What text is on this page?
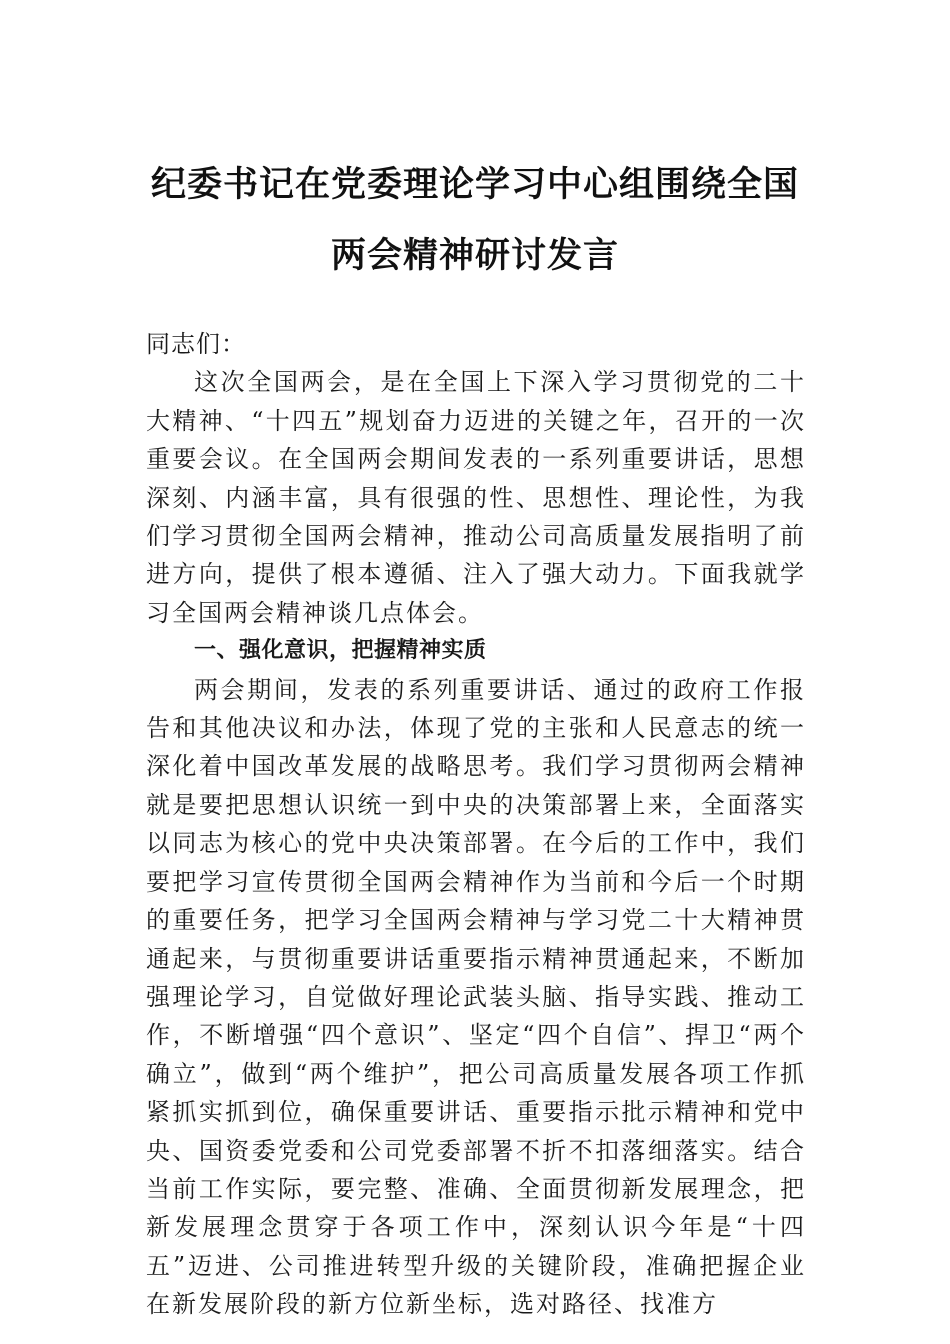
纪委书记在党委理论学习中心组围绕全国
两会精神研讨发言

同志们：

这次全国两会，是在全国上下深入学习贯彻党的二十大精神、“十四五”规划奋力迈进的关键之年，召开的一次重要会议。在全国两会期间发表的一系列重要讲话，思想深刻、内涵丰富，具有很强的性、思想性、理论性，为我们学习贯彻全国两会精神，推动公司高质量发展指明了前进方向，提供了根本遵循、注入了强大动力。下面我就学习全国两会精神谈几点体会。

一、强化意识，把握精神实质

两会期间，发表的系列重要讲话、通过的政府工作报告和其他决议和办法，体现了党的主张和人民意志的统一深化着中国改革发展的战略思考。我们学习贯彻两会精神就是要把思想认识统一到中央的决策部署上来，全面落实以同志为核心的党中央决策部署。在今后的工作中，我们要把学习宣传贯彻全国两会精神作为当前和今后一个时期的重要任务，把学习全国两会精神与学习党二十大精神贯通起来，与贯彻重要讲话重要指示精神贯通起来，不断加强理论学习，自觉做好理论武装头脑、指导实践、推动工作，不断增强“四个意识”、坚定“四个自信”、捍卫“两个确立”，做到“两个维护”，把公司高质量发展各项工作抓紧抓实抓到位，确保重要讲话、重要指示批示精神和党中央、国资委党委和公司党委部署不折不扣落细落实。结合当前工作实际，要完整、准确、全面贯彻新发展理念，把新发展理念贯穿于各项工作中，深刻认识今年是“十四五”迈进、公司推进转型升级的关键阶段，准确把握企业在新发展阶段的新方位新坐标，选对路径、找准方
